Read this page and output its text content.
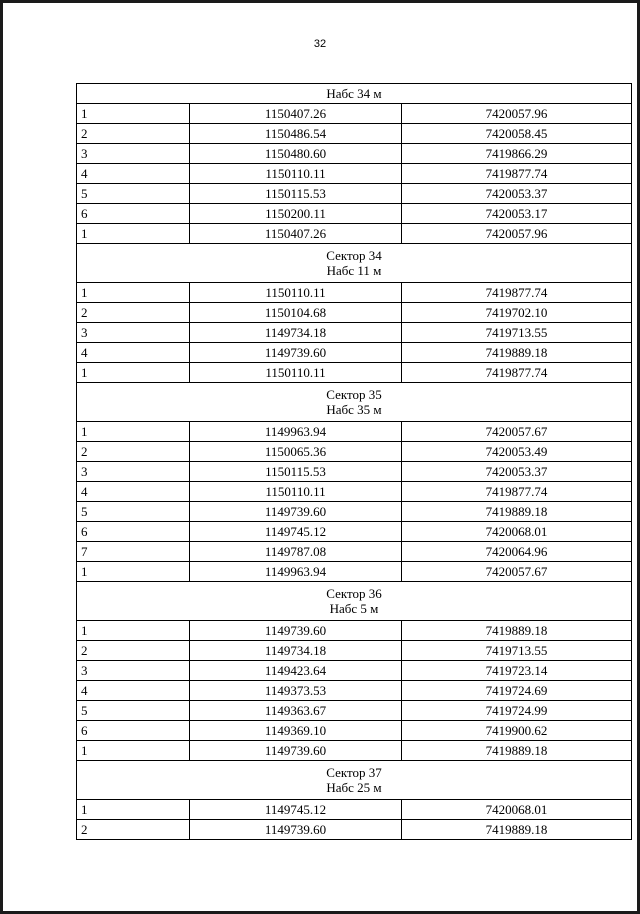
32
Набс 34 м		

1	1150407.26	7420057.96
2	1150486.54	7420058.45
3	1150480.60	7419866.29
4	1150110.11	7419877.74
5	1150115.53	7420053.37
6	1150200.11	7420053.17
1	1150407.26	7420057.96

Сектор 34
Набс 11 м		

1	1150110.11	7419877.74
2	1150104.68	7419702.10
3	1149734.18	7419713.55
4	1149739.60	7419889.18
1	1150110.11	7419877.74

Сектор 35
Набс 35 м		

1	1149963.94	7420057.67
2	1150065.36	7420053.49
3	1150115.53	7420053.37
4	1150110.11	7419877.74
5	1149739.60	7419889.18
6	1149745.12	7420068.01
7	1149787.08	7420064.96
1	1149963.94	7420057.67

Сектор 36
Набс 5 м		

1	1149739.60	7419889.18
2	1149734.18	7419713.55
3	1149423.64	7419723.14
4	1149373.53	7419724.69
5	1149363.67	7419724.99
6	1149369.10	7419900.62
1	1149739.60	7419889.18

Сектор 37
Набс 25 м		

1	1149745.12	7420068.01
2	1149739.60	7419889.18
